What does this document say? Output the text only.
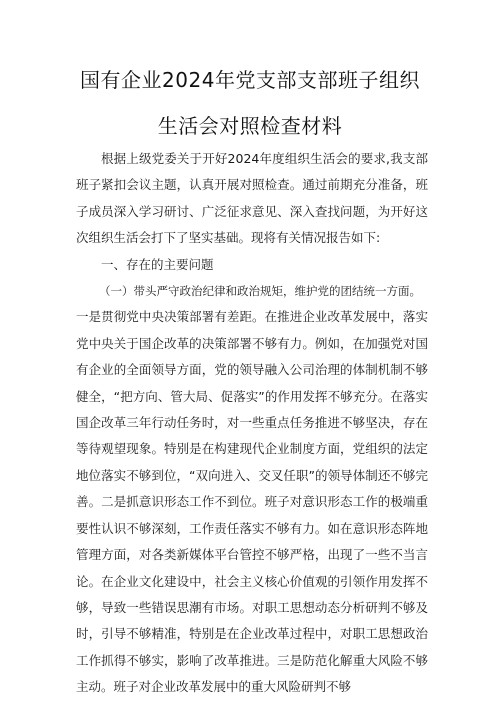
国有企业2024年党支部支部班子组织
生活会对照检查材料

根据上级党委关于开好2024年度组织生活会的要求,我支部班子紧扣会议主题，认真开展对照检查。通过前期充分准备，班子成员深入学习研讨、广泛征求意见、深入查找问题，为开好这次组织生活会打下了坚实基础。现将有关情况报告如下:

一、存在的主要问题

（一）带头严守政治纪律和政治规矩，维护党的团结统一方面。

一是贯彻党中央决策部署有差距。在推进企业改革发展中，落实党中央关于国企改革的决策部署不够有力。例如，在加强党对国有企业的全面领导方面，党的领导融入公司治理的体制机制不够健全，“把方向、管大局、促落实”的作用发挥不够充分。在落实国企改革三年行动任务时，对一些重点任务推进不够坚决，存在等待观望现象。特别是在构建现代企业制度方面，党组织的法定地位落实不够到位，“双向进入、交叉任职”的领导体制还不够完善。二是抓意识形态工作不到位。班子对意识形态工作的极端重要性认识不够深刻，工作责任落实不够有力。如在意识形态阵地管理方面，对各类新媒体平台管控不够严格，出现了一些不当言论。在企业文化建设中，社会主义核心价值观的引领作用发挥不够，导致一些错误思潮有市场。对职工思想动态分析研判不够及时，引导不够精准，特别是在企业改革过程中，对职工思想政治工作抓得不够实，影响了改革推进。三是防范化解重大风险不够主动。班子对企业改革发展中的重大风险研判不够
